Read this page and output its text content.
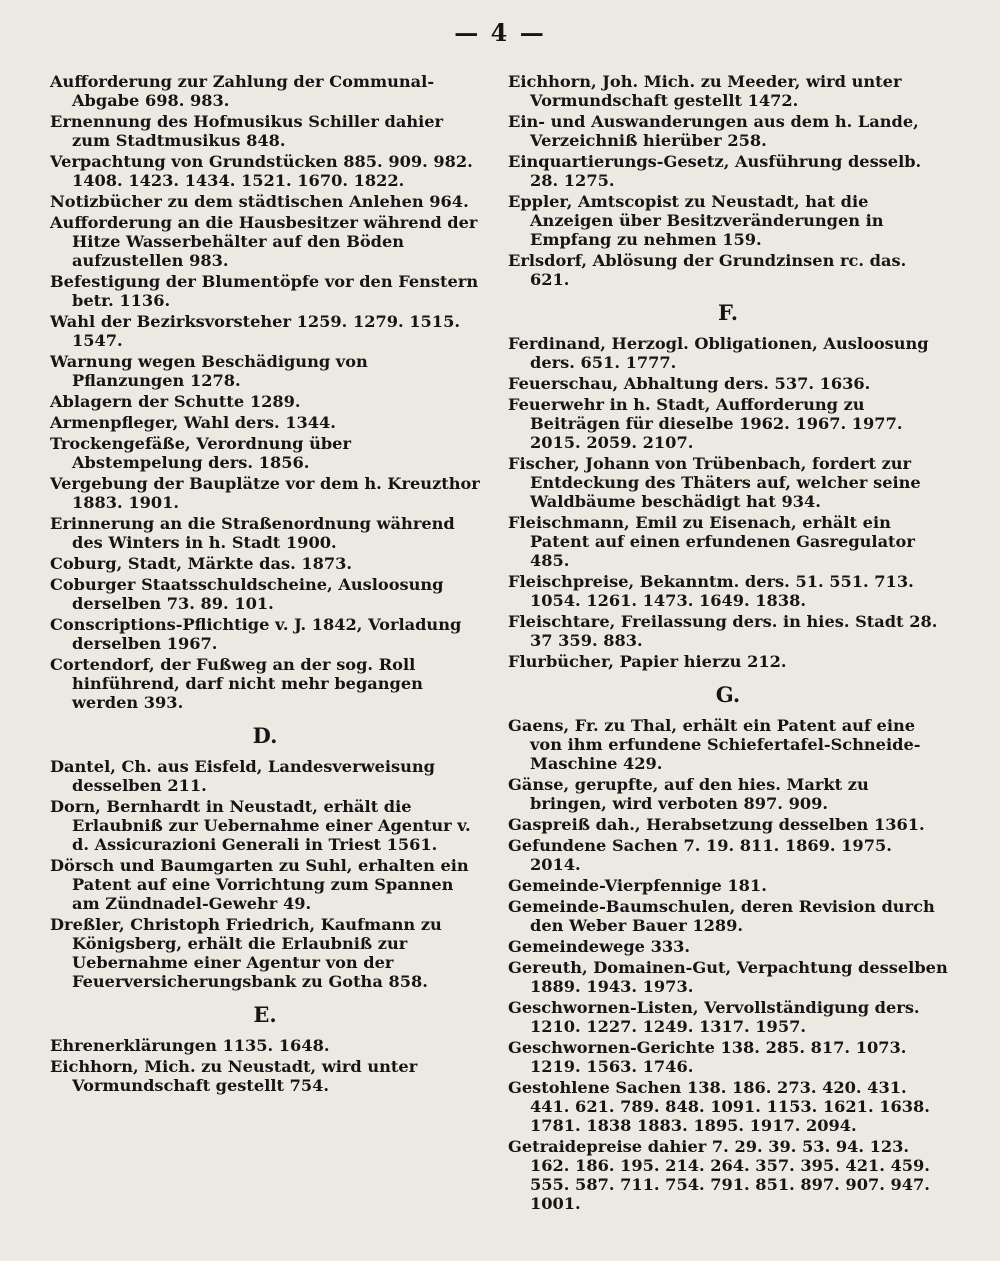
— 4 —

Aufforderung zur Zahlung der Communal-Abgabe 698. 983.

Ernennung des Hofmusikus Schiller dahier zum Stadtmusikus 848.

Verpachtung von Grundstücken 885. 909. 982. 1408. 1423. 1434. 1521. 1670. 1822.

Notizbücher zu dem städtischen Anlehen 964.

Aufforderung an die Hausbesitzer während der Hitze Wasserbehälter auf den Böden aufzustellen 983.

Befestigung der Blumentöpfe vor den Fenstern betr. 1136.

Wahl der Bezirksvorsteher 1259. 1279. 1515. 1547.

Warnung wegen Beschädigung von Pflanzungen 1278.

Ablagern der Schutte 1289.

Armenpfleger, Wahl ders. 1344.

Trockengefäße, Verordnung über Abstempelung ders. 1856.

Vergebung der Bauplätze vor dem h. Kreuzthor 1883. 1901.

Erinnerung an die Straßenordnung während des Winters in h. Stadt 1900.

Coburg, Stadt, Märkte das. 1873.

Coburger Staatsschuldscheine, Ausloosung derselben 73. 89. 101.

Conscriptions-Pflichtige v. J. 1842, Vorladung derselben 1967.

Cortendorf, der Fußweg an der sog. Roll hinführend, darf nicht mehr begangen werden 393.

D.

Dantel, Ch. aus Eisfeld, Landesverweisung desselben 211.

Dorn, Bernhardt in Neustadt, erhält die Erlaubniß zur Uebernahme einer Agentur v. d. Assicurazioni Generali in Triest 1561.

Dörsch und Baumgarten zu Suhl, erhalten ein Patent auf eine Vorrichtung zum Spannen am Zündnadel-Gewehr 49.

Dreßler, Christoph Friedrich, Kaufmann zu Königsberg, erhält die Erlaubniß zur Uebernahme einer Agentur von der Feuerversicherungsbank zu Gotha 858.

E.

Ehrenerklärungen 1135. 1648.

Eichhorn, Mich. zu Neustadt, wird unter Vormundschaft gestellt 754.

Eichhorn, Joh. Mich. zu Meeder, wird unter Vormundschaft gestellt 1472.

Ein- und Auswanderungen aus dem h. Lande, Verzeichniß hierüber 258.

Einquartierungs-Gesetz, Ausführung desselb. 28. 1275.

Eppler, Amtscopist zu Neustadt, hat die Anzeigen über Besitzveränderungen in Empfang zu nehmen 159.

Erlsdorf, Ablösung der Grundzinsen rc. das. 621.

F.

Ferdinand, Herzogl. Obligationen, Ausloosung ders. 651. 1777.

Feuerschau, Abhaltung ders. 537. 1636.

Feuerwehr in h. Stadt, Aufforderung zu Beiträgen für dieselbe 1962. 1967. 1977. 2015. 2059. 2107.

Fischer, Johann von Trübenbach, fordert zur Entdeckung des Thäters auf, welcher seine Waldbäume beschädigt hat 934.

Fleischmann, Emil zu Eisenach, erhält ein Patent auf einen erfundenen Gasregulator 485.

Fleischpreise, Bekanntm. ders. 51. 551. 713. 1054. 1261. 1473. 1649. 1838.

Fleischtare, Freilassung ders. in hies. Stadt 28. 37 359. 883.

Flurbücher, Papier hierzu 212.

G.

Gaens, Fr. zu Thal, erhält ein Patent auf eine von ihm erfundene Schiefertafel-Schneide-Maschine 429.

Gänse, gerupfte, auf den hies. Markt zu bringen, wird verboten 897. 909.

Gaspreiß dah., Herabsetzung desselben 1361.

Gefundene Sachen 7. 19. 811. 1869. 1975. 2014.

Gemeinde-Vierpfennige 181.

Gemeinde-Baumschulen, deren Revision durch den Weber Bauer 1289.

Gemeindewege 333.

Gereuth, Domainen-Gut, Verpachtung desselben 1889. 1943. 1973.

Geschwornen-Listen, Vervollständigung ders. 1210. 1227. 1249. 1317. 1957.

Geschwornen-Gerichte 138. 285. 817. 1073. 1219. 1563. 1746.

Gestohlene Sachen 138. 186. 273. 420. 431. 441. 621. 789. 848. 1091. 1153. 1621. 1638. 1781. 1838 1883. 1895. 1917. 2094.

Getraidepreise dahier 7. 29. 39. 53. 94. 123. 162. 186. 195. 214. 264. 357. 395. 421. 459. 555. 587. 711. 754. 791. 851. 897. 907. 947. 1001.
